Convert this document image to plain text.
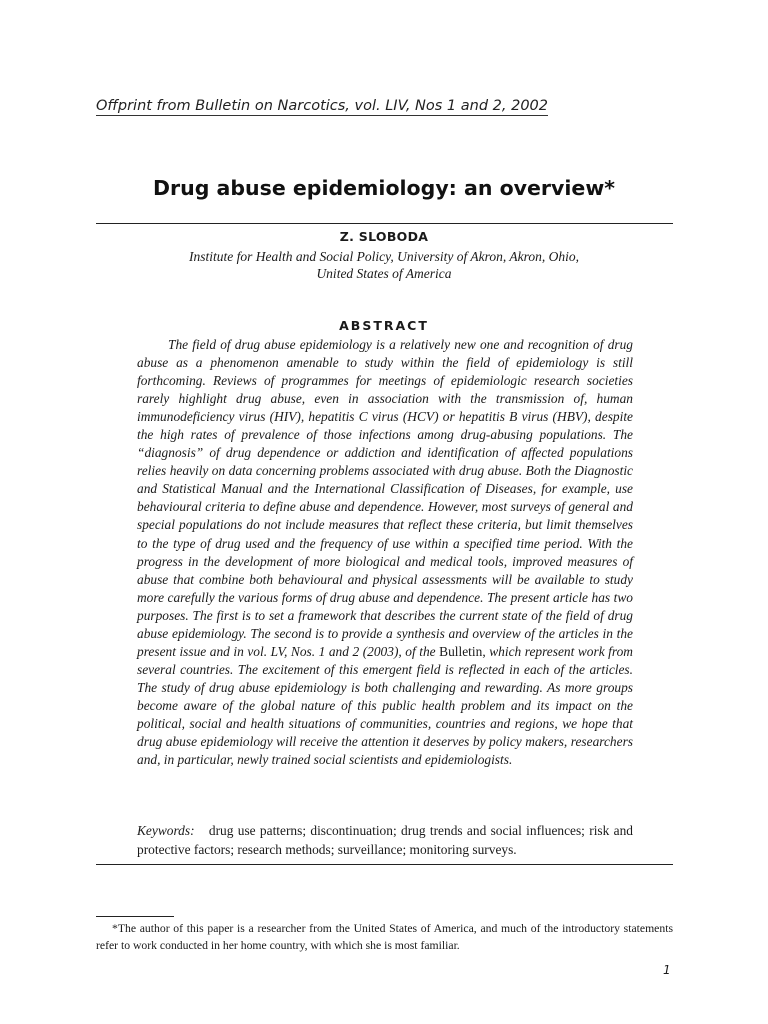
Offprint from Bulletin on Narcotics, vol. LIV, Nos 1 and 2, 2002
Drug abuse epidemiology: an overview*
Z. SLOBODA
Institute for Health and Social Policy, University of Akron, Akron, Ohio,
United States of America
ABSTRACT

The field of drug abuse epidemiology is a relatively new one and recognition of drug abuse as a phenomenon amenable to study within the field of epidemiology is still forthcoming. Reviews of programmes for meetings of epidemiologic research societies rarely highlight drug abuse, even in association with the transmission of, human immunodeficiency virus (HIV), hepatitis C virus (HCV) or hepatitis B virus (HBV), despite the high rates of prevalence of those infections among drug-abusing populations. The “diagnosis” of drug dependence or addiction and identification of affected populations relies heavily on data concerning problems associated with drug abuse. Both the Diagnostic and Statistical Manual and the International Classification of Diseases, for example, use behavioural criteria to define abuse and dependence. However, most surveys of general and special populations do not include measures that reflect these criteria, but limit themselves to the type of drug used and the frequency of use within a specified time period. With the progress in the development of more biological and medical tools, improved measures of abuse that combine both behavioural and physical assessments will be available to study more carefully the various forms of drug abuse and dependence. The present article has two purposes. The first is to set a framework that describes the current state of the field of drug abuse epidemiology. The second is to provide a synthesis and overview of the articles in the present issue and in vol. LV, Nos. 1 and 2 (2003), of the Bulletin, which represent work from several countries. The excitement of this emergent field is reflected in each of the articles. The study of drug abuse epidemiology is both challenging and rewarding. As more groups become aware of the global nature of this public health problem and its impact on the political, social and health situations of communities, countries and regions, we hope that drug abuse epidemiology will receive the attention it deserves by policy makers, researchers and, in particular, newly trained social scientists and epidemiologists.

Keywords: drug use patterns; discontinuation; drug trends and social influences; risk and protective factors; research methods; surveillance; monitoring surveys.

*The author of this paper is a researcher from the United States of America, and much of the introductory statements refer to work conducted in her home country, with which she is most familiar.

1
